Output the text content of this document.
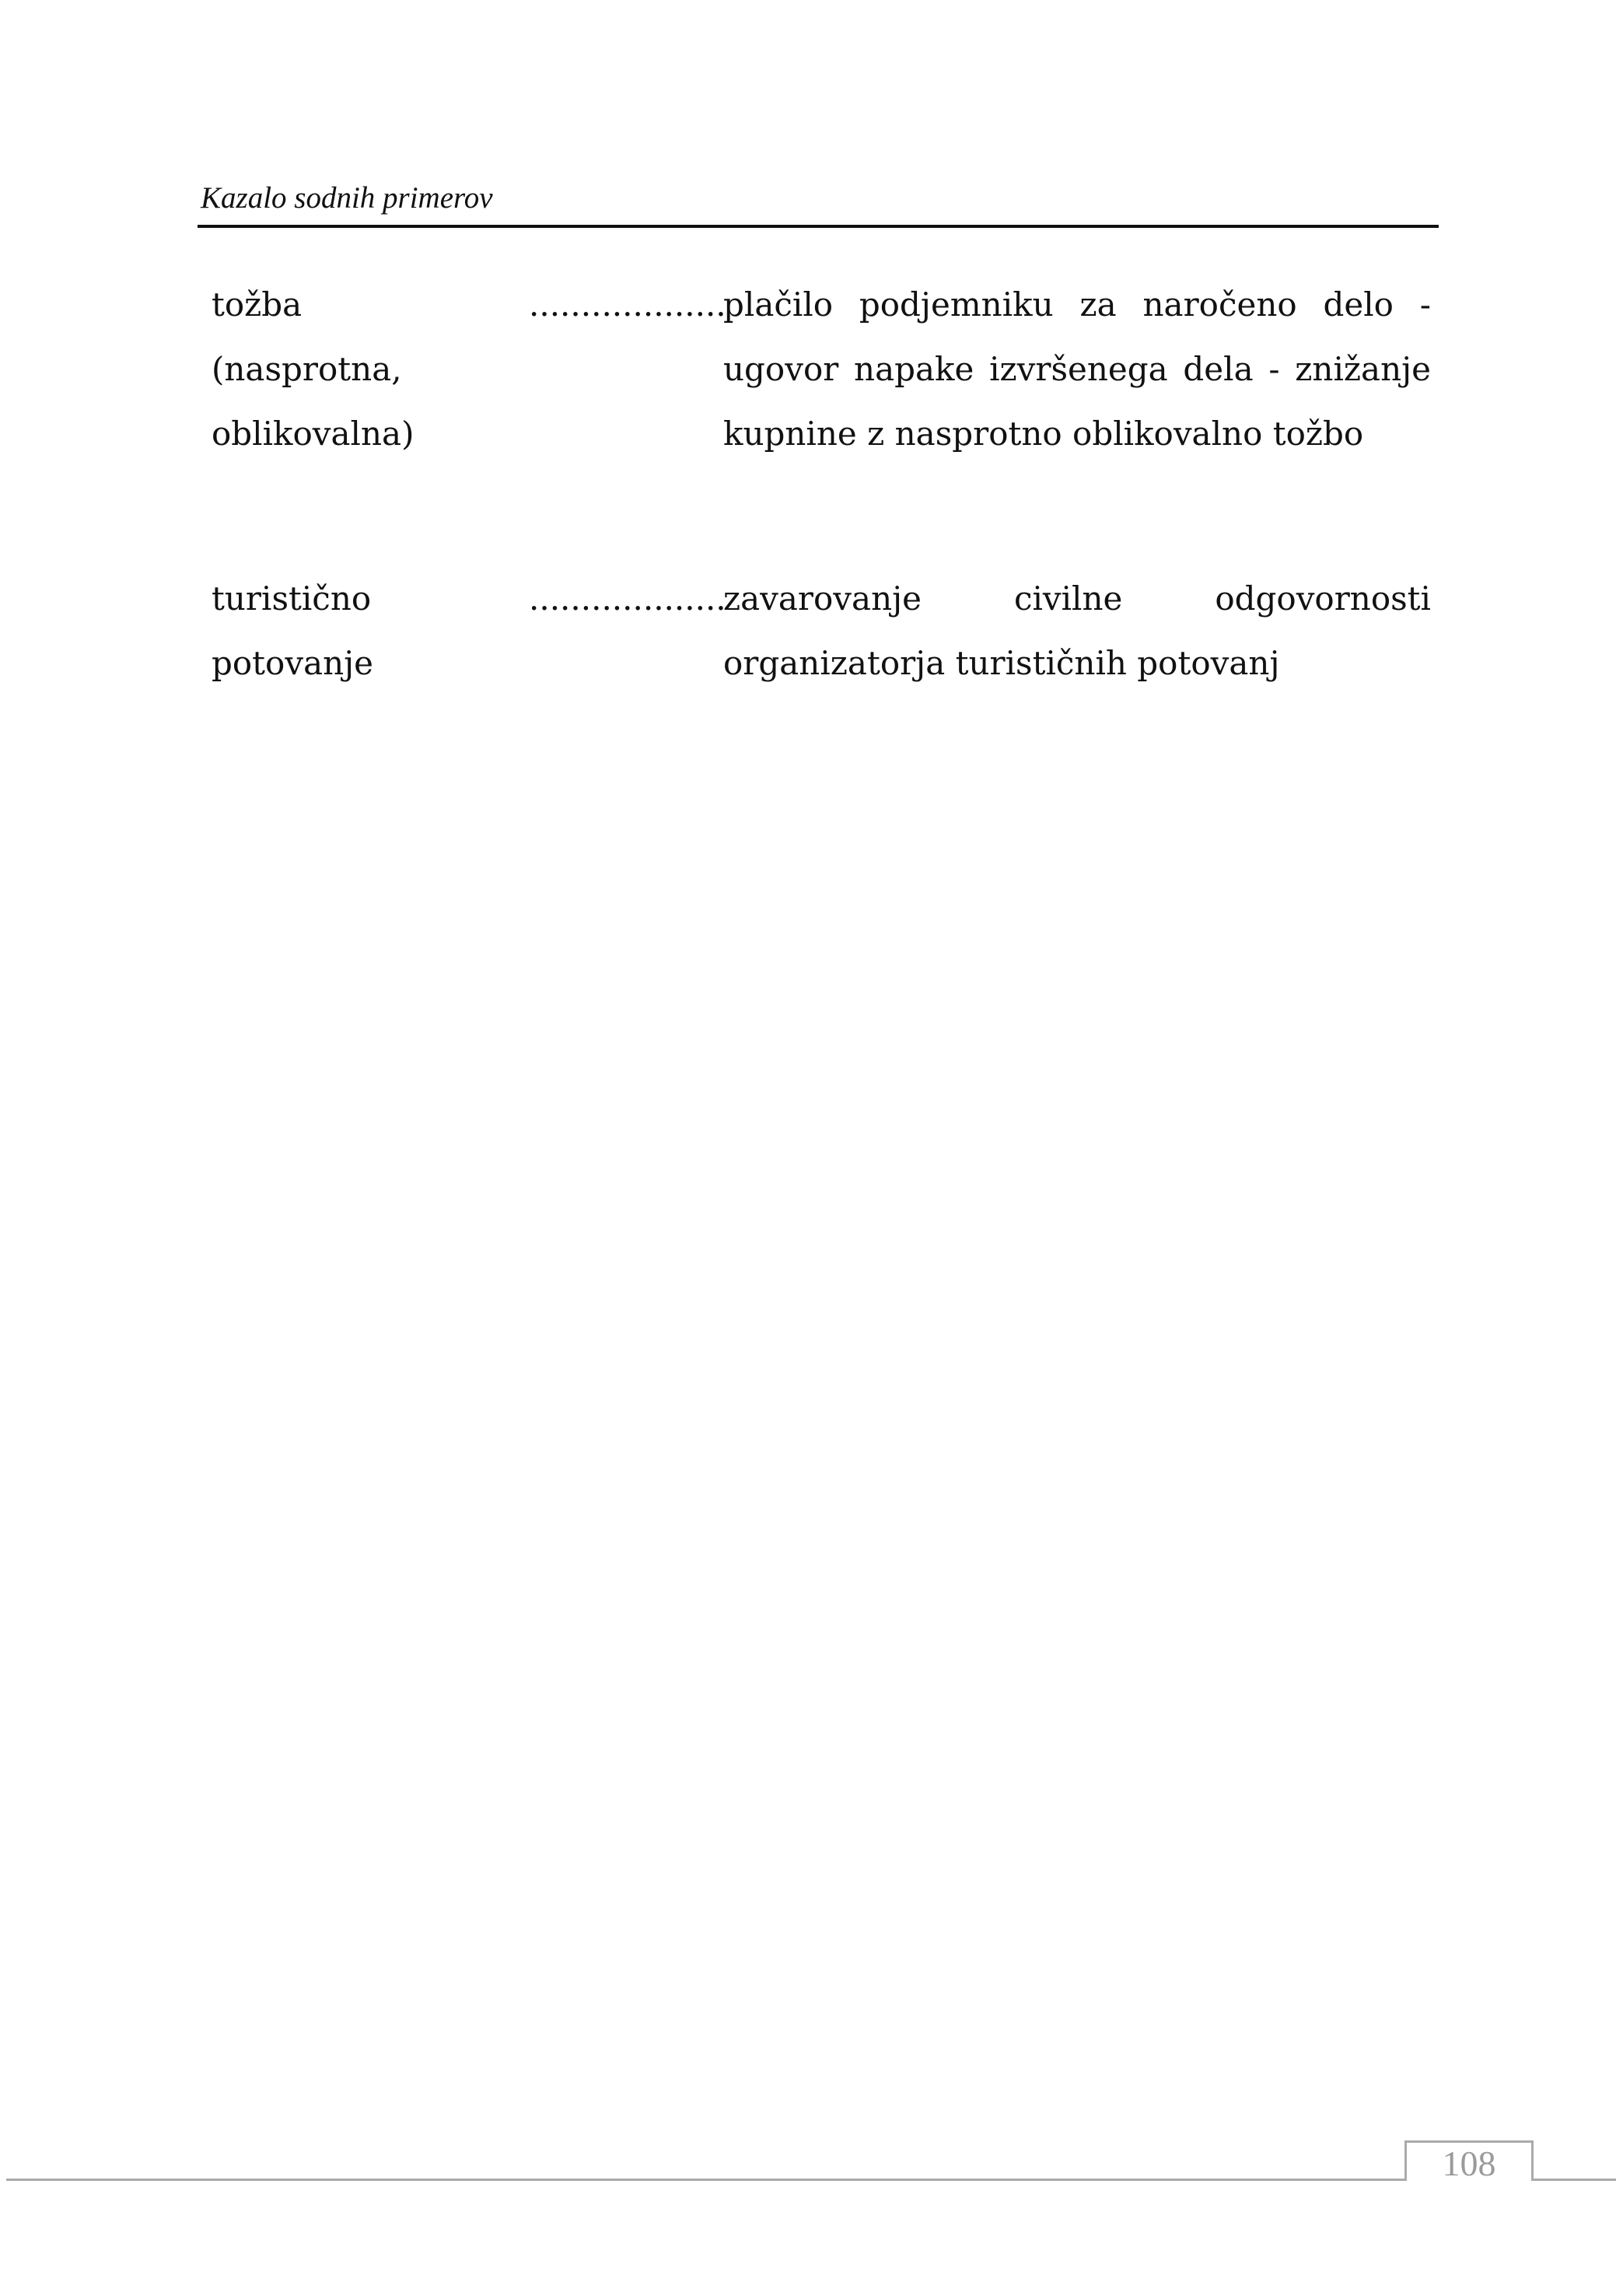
Kazalo sodnih primerov
tožba
(nasprotna,
oblikovalna)
...................
plačilo podjemniku za naročeno delo -
ugovor napake izvršenega dela - znižanje
kupnine z nasprotno oblikovalno tožbo
turistično
potovanje
...................
zavarovanje civilne odgovornosti
organizatorja turističnih potovanj
108
